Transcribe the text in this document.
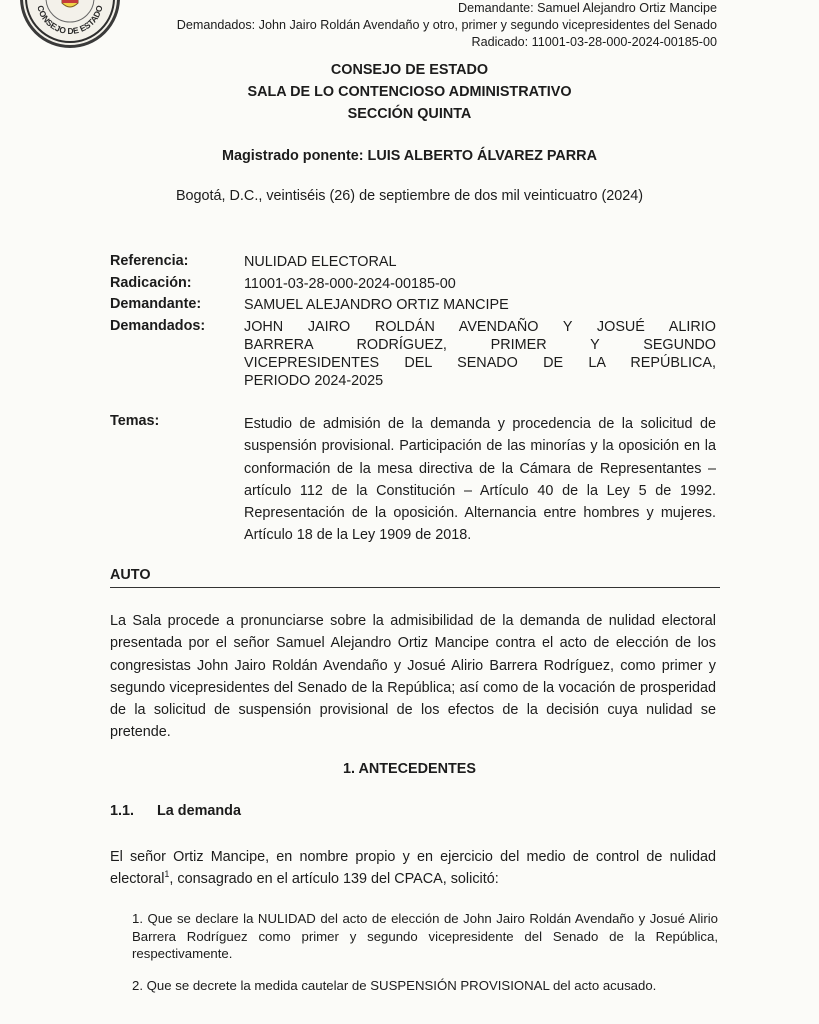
CONSEJO DE ESTADO	Demandante: Samuel Alejandro Ortiz Mancipe
Demandados: John Jairo Roldán Avendaño y otro, primer y segundo vicepresidentes del Senado
Radicado: 11001-03-28-000-2024-00185-00
CONSEJO DE ESTADO
SALA DE LO CONTENCIOSO ADMINISTRATIVO
SECCIÓN QUINTA
Magistrado ponente: LUIS ALBERTO ÁLVAREZ PARRA
Bogotá, D.C., veintiséis (26) de septiembre de dos mil veinticuatro (2024)
Referencia:	NULIDAD ELECTORAL
Radicación:	11001-03-28-000-2024-00185-00
Demandante:	SAMUEL ALEJANDRO ORTIZ MANCIPE
Demandados:	JOHN JAIRO ROLDÁN AVENDAÑO Y JOSUÉ ALIRIO
BARRERA RODRÍGUEZ, PRIMER Y SEGUNDO
VICEPRESIDENTES DEL SENADO DE LA REPÚBLICA,
PERIODO 2024-2025
Temas:	Estudio de admisión de la demanda y procedencia de la solicitud de suspensión provisional. Participación de las minorías y la oposición en la conformación de la mesa directiva de la Cámara de Representantes – artículo 112 de la Constitución – Artículo 40 de la Ley 5 de 1992. Representación de la oposición. Alternancia entre hombres y mujeres. Artículo 18 de la Ley 1909 de 2018.
AUTO
La Sala procede a pronunciarse sobre la admisibilidad de la demanda de nulidad electoral presentada por el señor Samuel Alejandro Ortiz Mancipe contra el acto de elección de los congresistas John Jairo Roldán Avendaño y Josué Alirio Barrera Rodríguez, como primer y segundo vicepresidentes del Senado de la República; así como de la vocación de prosperidad de la solicitud de suspensión provisional de los efectos de la decisión cuya nulidad se pretende.
1. ANTECEDENTES
1.1. La demanda
El señor Ortiz Mancipe, en nombre propio y en ejercicio del medio de control de nulidad electoral$^1$, consagrado en el artículo 139 del CPACA, solicitó:
1. Que se declare la NULIDAD del acto de elección de John Jairo Roldán Avendaño y Josué Alirio Barrera Rodríguez como primer y segundo vicepresidente del Senado de la República, respectivamente.
2. Que se decrete la medida cautelar de SUSPENSIÓN PROVISIONAL del acto acusado.
